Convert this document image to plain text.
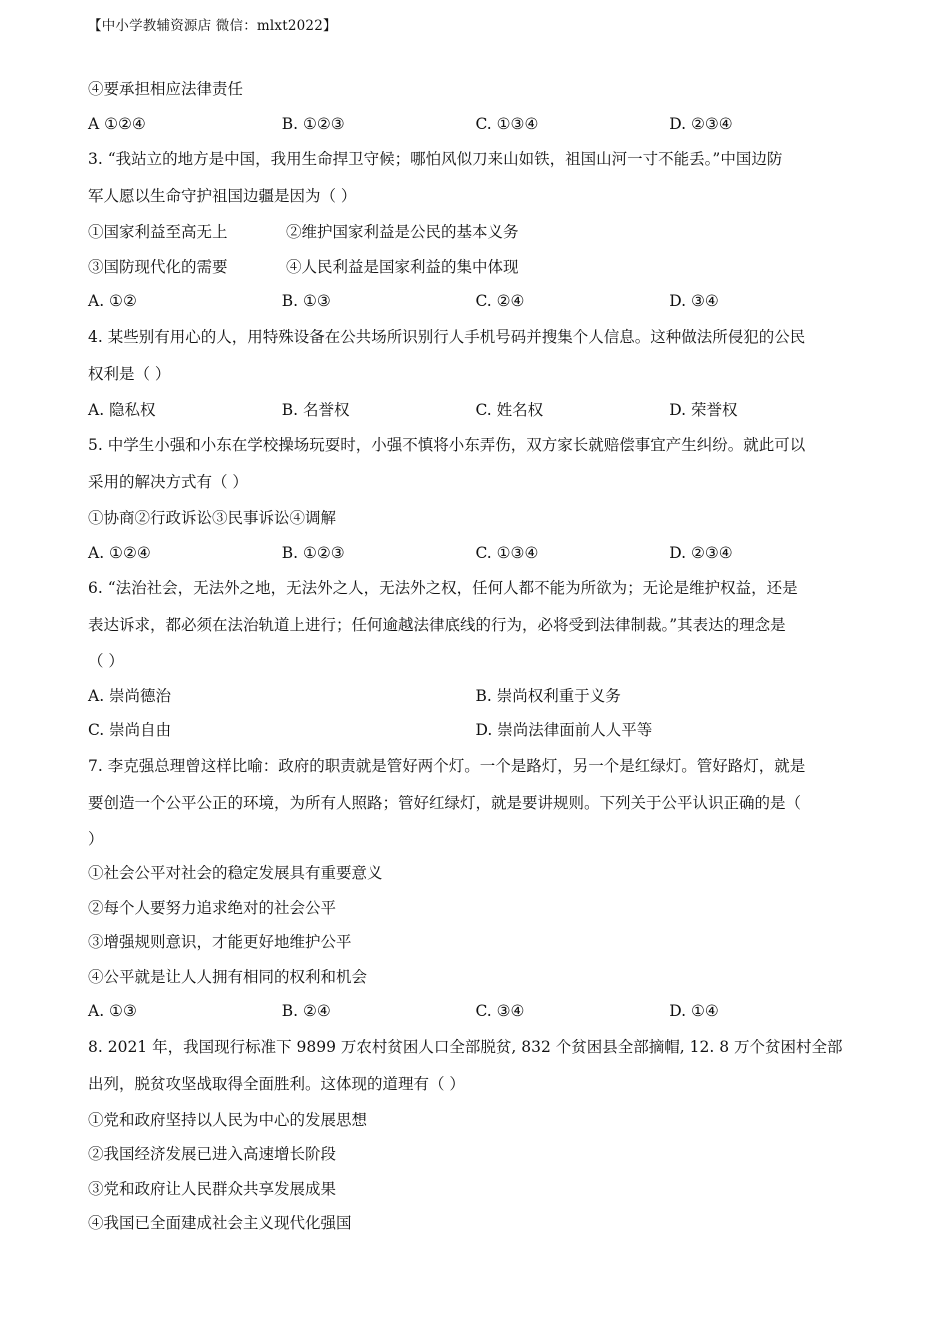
【中小学教辅资源店 微信：mlxt2022】
④要承担相应法律责任
A ①②④	B. ①②③	C. ①③④	D. ②③④
3. “我站立的地方是中国，我用生命捍卫守候；哪怕风似刀来山如铁，祖国山河一寸不能丢。”中国边防
军人愿以生命守护祖国边疆是因为（ ）
①国家利益至高无上	②维护国家利益是公民的基本义务
③国防现代化的需要	④人民利益是国家利益的集中体现
A. ①②	B. ①③	C. ②④	D. ③④
4. 某些别有用心的人，用特殊设备在公共场所识别行人手机号码并搜集个人信息。这种做法所侵犯的公民
权利是（ ）
A. 隐私权	B. 名誉权	C. 姓名权	D. 荣誉权
5. 中学生小强和小东在学校操场玩耍时，小强不慎将小东弄伤，双方家长就赔偿事宜产生纠纷。就此可以
采用的解决方式有（ ）
①协商②行政诉讼③民事诉讼④调解
A. ①②④	B. ①②③	C. ①③④	D. ②③④
6. “法治社会，无法外之地，无法外之人，无法外之权，任何人都不能为所欲为；无论是维护权益，还是
表达诉求，都必须在法治轨道上进行；任何逾越法律底线的行为，必将受到法律制裁。”其表达的理念是
（ ）
A. 崇尚德治	B. 崇尚权利重于义务
C. 崇尚自由	D. 崇尚法律面前人人平等
7. 李克强总理曾这样比喻：政府的职责就是管好两个灯。一个是路灯，另一个是红绿灯。管好路灯，就是
要创造一个公平公正的环境，为所有人照路；管好红绿灯，就是要讲规则。下列关于公平认识正确的是（
）
①社会公平对社会的稳定发展具有重要意义
②每个人要努力追求绝对的社会公平
③增强规则意识，才能更好地维护公平
④公平就是让人人拥有相同的权利和机会
A. ①③	B. ②④	C. ③④	D. ①④
8. 2021 年，我国现行标准下 9899 万农村贫困人口全部脱贫, 832 个贫困县全部摘帽, 12. 8 万个贫困村全部
出列，脱贫攻坚战取得全面胜利。这体现的道理有（ ）
①党和政府坚持以人民为中心的发展思想
②我国经济发展已进入高速增长阶段
③党和政府让人民群众共享发展成果
④我国已全面建成社会主义现代化强国
